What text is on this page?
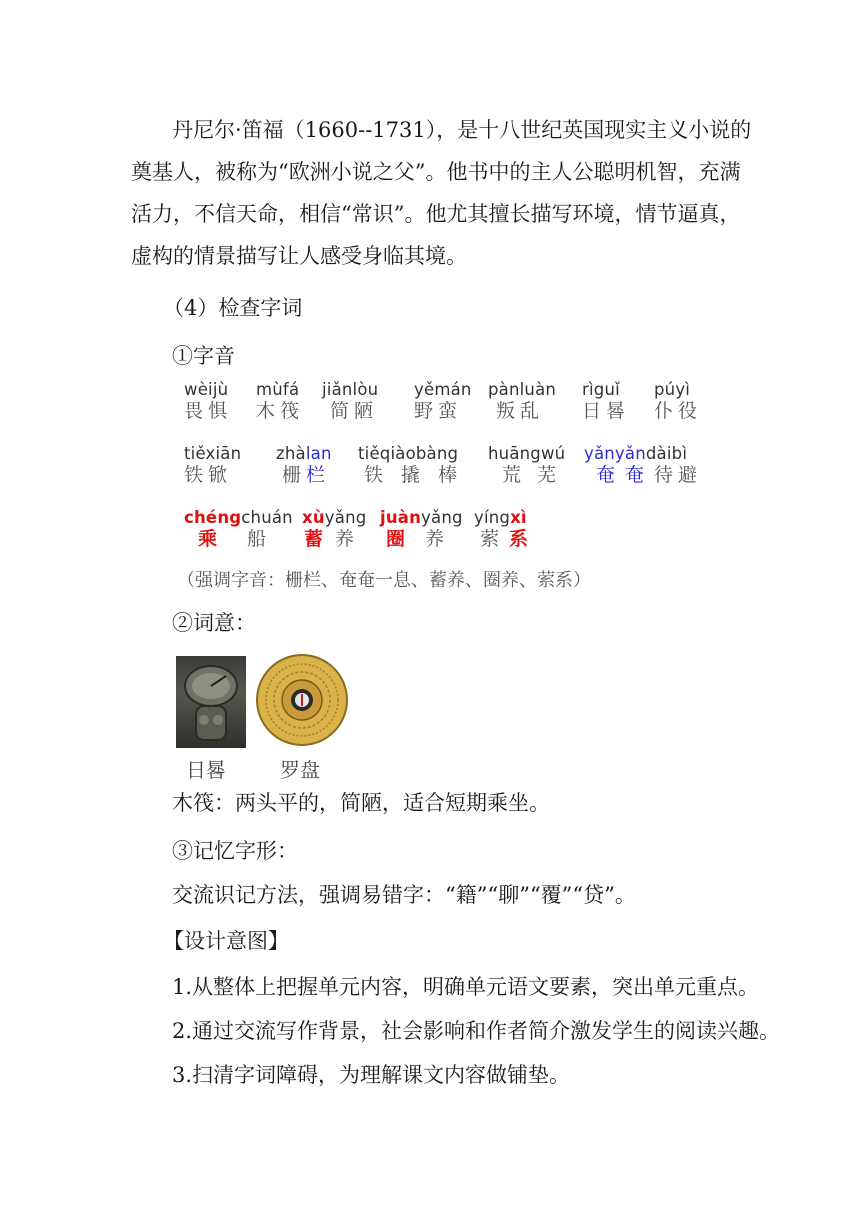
丹尼尔·笛福（1660--1731），是十八世纪英国现实主义小说的
奠基人，被称为“欧洲小说之父”。他书中的主人公聪明机智，充满
活力，不信天命，相信“常识”。他尤其擅长描写环境，情节逼真，
虚构的情景描写让人感受身临其境。
（4）检查字词
①字音
wèijù
畏惧
mùfá
木筏
jiǎnlòu
简陋
yěmán
野蛮
pànluàn
叛乱
rìguǐ
日晷
púyì
仆役
tiěxiān
铁锨
zhàlan
栅栏
tiěqiàobàng
铁撬棒
huāngwú
荒芜
yǎnyǎndàibì
奄奄待避
chéngchuán
乘船
xùyǎng
蓄养
juànyǎng
圈养
yíngxì
萦系
（强调字音：栅栏、奄奄一息、蓄养、圈养、萦系）
②词意：
日晷	罗盘
木筏：两头平的，简陋，适合短期乘坐。
③记忆字形：
交流识记方法，强调易错字：“籍”“聊”“覆”“贷”。
【设计意图】
1.从整体上把握单元内容，明确单元语文要素，突出单元重点。
2.通过交流写作背景，社会影响和作者简介激发学生的阅读兴趣。
3.扫清字词障碍，为理解课文内容做铺垫。
